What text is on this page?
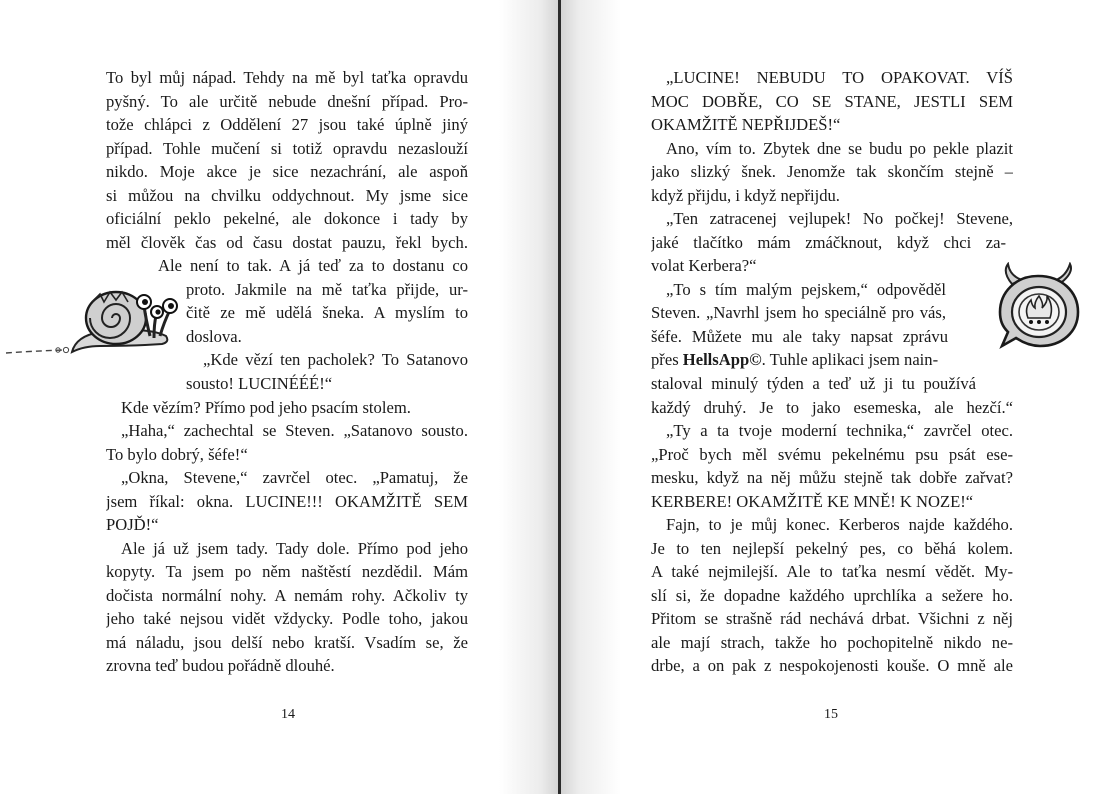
To byl můj nápad. Tehdy na mě byl taťka opravdu
pyšný. To ale určitě nebude dnešní případ. Pro-
tože chlápci z Oddělení 27 jsou také úplně jiný
případ. Tohle mučení si totiž opravdu nezaslouží
nikdo. Moje akce je sice nezachrání, ale aspoň
si můžou na chvilku oddychnout. My jsme sice
oficiální peklo pekelné, ale dokonce i tady by
měl člověk čas od času dostat pauzu, řekl bych.
Ale není to tak. A já teď za to dostanu co
proto. Jakmile na mě taťka přijde, ur-
čitě ze mě udělá šneka. A myslím to
doslova.
„Kde vězí ten pacholek? To Satanovo
sousto! LUCINÉÉÉ!“
Kde vězím? Přímo pod jeho psacím stolem.
„Haha,“ zachechtal se Steven. „Satanovo sousto.
To bylo dobrý, šéfe!“
„Okna, Stevene,“ zavrčel otec. „Pamatuj, že
jsem říkal: okna. LUCINE!!! OKAMŽITĚ SEM
POJĎ!“
Ale já už jsem tady. Tady dole. Přímo pod jeho
kopyty. Ta jsem po něm naštěstí nezdědil. Mám
dočista normální nohy. A nemám rohy. Ačkoliv ty
jeho také nejsou vidět vždycky. Podle toho, jakou
má náladu, jsou delší nebo kratší. Vsadím se, že
zrovna teď budou pořádně dlouhé.
14
„LUCINE! NEBUDU TO OPAKOVAT. VÍŠ
MOC DOBŘE, CO SE STANE, JESTLI SEM
OKAMŽITĚ NEPŘIJDEŠ!“
Ano, vím to. Zbytek dne se budu po pekle plazit
jako slizký šnek. Jenomže tak skončím stejně –
když přijdu, i když nepřijdu.
„Ten zatracenej vejlupek! No počkej! Stevene,
jaké tlačítko mám zmáčknout, když chci za-
volat Kerbera?“
„To s tím malým pejskem,“ odpověděl
Steven. „Navrhl jsem ho speciálně pro vás,
šéfe. Můžete mu ale taky napsat zprávu
přes HellsApp©. Tuhle aplikaci jsem nain-
staloval minulý týden a teď už ji tu používá
každý druhý. Je to jako esemeska, ale hezčí.“
„Ty a ta tvoje moderní technika,“ zavrčel otec.
„Proč bych měl svému pekelnému psu psát ese-
mesku, když na něj můžu stejně tak dobře zařvat?
KERBERE! OKAMŽITĚ KE MNĚ! K NOZE!“
Fajn, to je můj konec. Kerberos najde každého.
Je to ten nejlepší pekelný pes, co běhá kolem.
A také nejmilejší. Ale to taťka nesmí vědět. My-
slí si, že dopadne každého uprchlíka a sežere ho.
Přitom se strašně rád nechává drbat. Všichni z něj
ale mají strach, takže ho pochopitelně nikdo ne-
drbe, a on pak z nespokojenosti kouše. O mně ale
15
